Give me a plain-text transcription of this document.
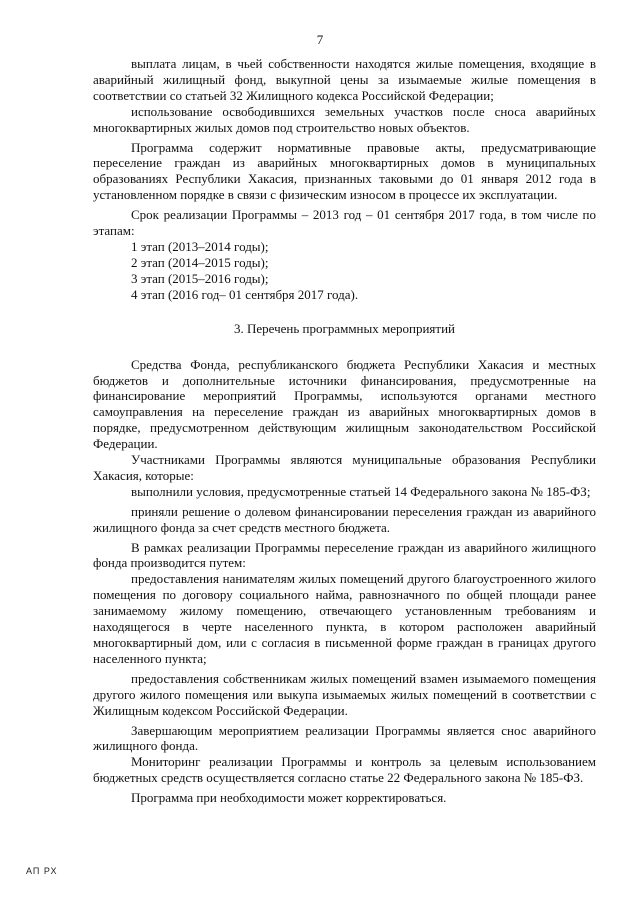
7

выплата лицам, в чьей собственности находятся жилые помещения, входящие в аварийный жилищный фонд, выкупной цены за изымаемые жилые помещения в соответствии со статьей 32 Жилищного кодекса Российской Федерации;

использование освободившихся земельных участков после сноса аварийных многоквартирных жилых домов под строительство новых объектов.

Программа содержит нормативные правовые акты, предусматривающие переселение граждан из аварийных многоквартирных домов в муниципальных образованиях Республики Хакасия, признанных таковыми до 01 января 2012 года в установленном порядке в связи с физическим износом в процессе их эксплуатации.

Срок реализации Программы – 2013 год – 01 сентября 2017 года, в том числе по этапам:

1 этап (2013–2014 годы);

2 этап (2014–2015 годы);

3 этап (2015–2016 годы);

4 этап (2016 год– 01 сентября 2017 года).

3. Перечень программных мероприятий

Средства Фонда, республиканского бюджета Республики Хакасия и местных бюджетов и дополнительные источники финансирования, предусмотренные на финансирование мероприятий Программы, используются органами местного самоуправления на переселение граждан из аварийных многоквартирных домов в порядке, предусмотренном действующим жилищным законодательством Российской Федерации.

Участниками Программы являются муниципальные образования Республики Хакасия, которые:

выполнили условия, предусмотренные статьей 14 Федерального закона № 185-ФЗ;

приняли решение о долевом финансировании переселения граждан из аварийного жилищного фонда за счет средств местного бюджета.

В рамках реализации Программы переселение граждан из аварийного жилищного фонда производится путем:

предоставления нанимателям жилых помещений другого благоустроенного жилого помещения по договору социального найма, равнозначного по общей площади ранее занимаемому жилому помещению, отвечающего установленным требованиям и находящегося в черте населенного пункта, в котором расположен аварийный многоквартирный дом, или с согласия в письменной форме граждан в границах другого населенного пункта;

предоставления собственникам жилых помещений взамен изымаемого помещения другого жилого помещения или выкупа изымаемых жилых помещений в соответствии с Жилищным кодексом Российской Федерации.

Завершающим мероприятием реализации Программы является снос аварийного жилищного фонда.

Мониторинг реализации Программы и контроль за целевым использованием бюджетных средств осуществляется согласно статье 22 Федерального закона № 185-ФЗ.

Программа при необходимости может корректироваться.

АП РХ
